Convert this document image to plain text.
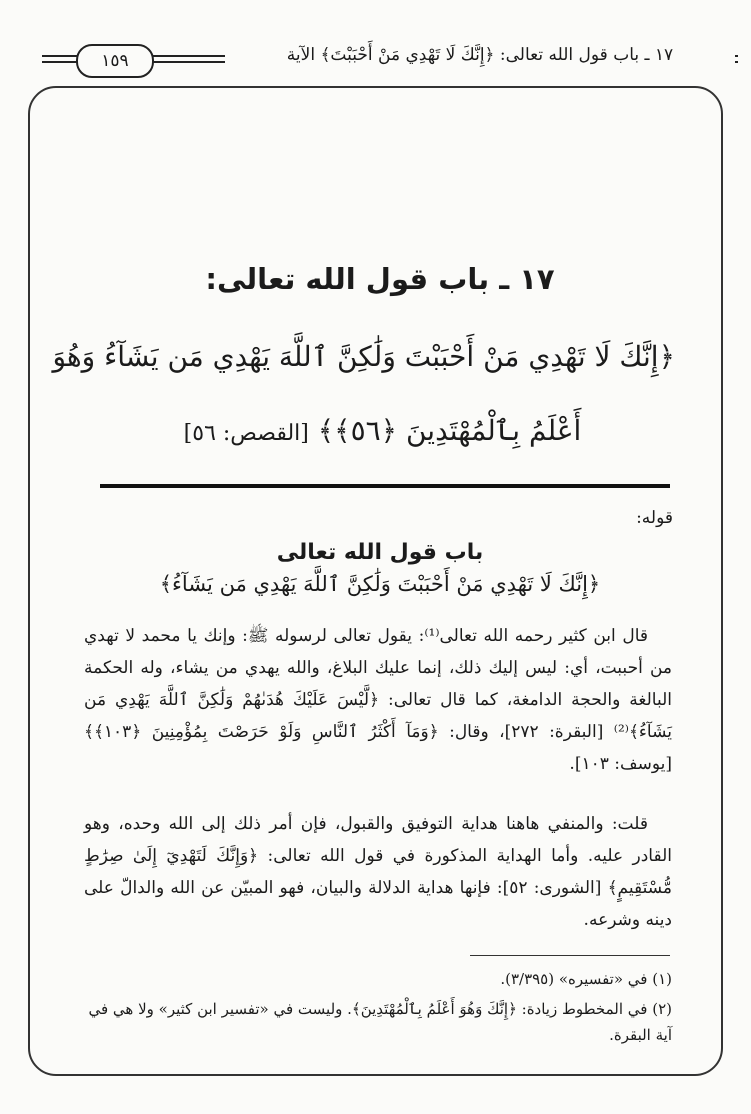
١٧ ـ باب قول الله تعالى: ﴿إِنَّكَ لَا تَهْدِي مَنْ أَحْبَبْتَ﴾ الآية
١٥٩
١٧ ـ باب قول الله تعالى:
﴿إِنَّكَ لَا تَهْدِي مَنْ أَحْبَبْتَ وَلَٰكِنَّ ٱللَّهَ يَهْدِي مَن يَشَآءُ وَهُوَ
أَعْلَمُ بِٱلْمُهْتَدِينَ ﴿٥٦﴾﴾ [القصص: ٥٦]
قوله:
باب قول الله تعالى
﴿إِنَّكَ لَا تَهْدِي مَنْ أَحْبَبْتَ وَلَٰكِنَّ ٱللَّهَ يَهْدِي مَن يَشَآءُ﴾

قال ابن كثير رحمه الله تعالى⁽¹⁾: يقول تعالى لرسوله ﷺ: وإنك يا محمد لا تهدي من أحببت، أي: ليس إليك ذلك، إنما عليك البلاغ، والله يهدي من يشاء، وله الحكمة البالغة والحجة الدامغة، كما قال تعالى: ﴿لَّيْسَ عَلَيْكَ هُدَىٰهُمْ وَلَٰكِنَّ ٱللَّهَ يَهْدِي مَن يَشَآءُ﴾⁽²⁾ [البقرة: ٢٧٢]، وقال: ﴿وَمَآ أَكْثَرُ ٱلنَّاسِ وَلَوْ حَرَصْتَ بِمُؤْمِنِينَ ﴿١٠٣﴾﴾ [يوسف: ١٠٣].

قلت: والمنفي هاهنا هداية التوفيق والقبول، فإن أمر ذلك إلى الله وحده، وهو القادر عليه. وأما الهداية المذكورة في قول الله تعالى: ﴿وَإِنَّكَ لَتَهْدِيٓ إِلَىٰ صِرَٰطٍ مُّسْتَقِيمٍ﴾ [الشورى: ٥٢]: فإنها هداية الدلالة والبيان، فهو المبيّن عن الله والدالّ على دينه وشرعه.

(١) في «تفسيره» (٣/٣٩٥).
(٢) في المخطوط زيادة: ﴿إِنَّكَ وَهُوَ أَعْلَمُ بِٱلْمُهْتَدِينَ﴾. وليست في «تفسير ابن كثير» ولا هي في آية البقرة.
